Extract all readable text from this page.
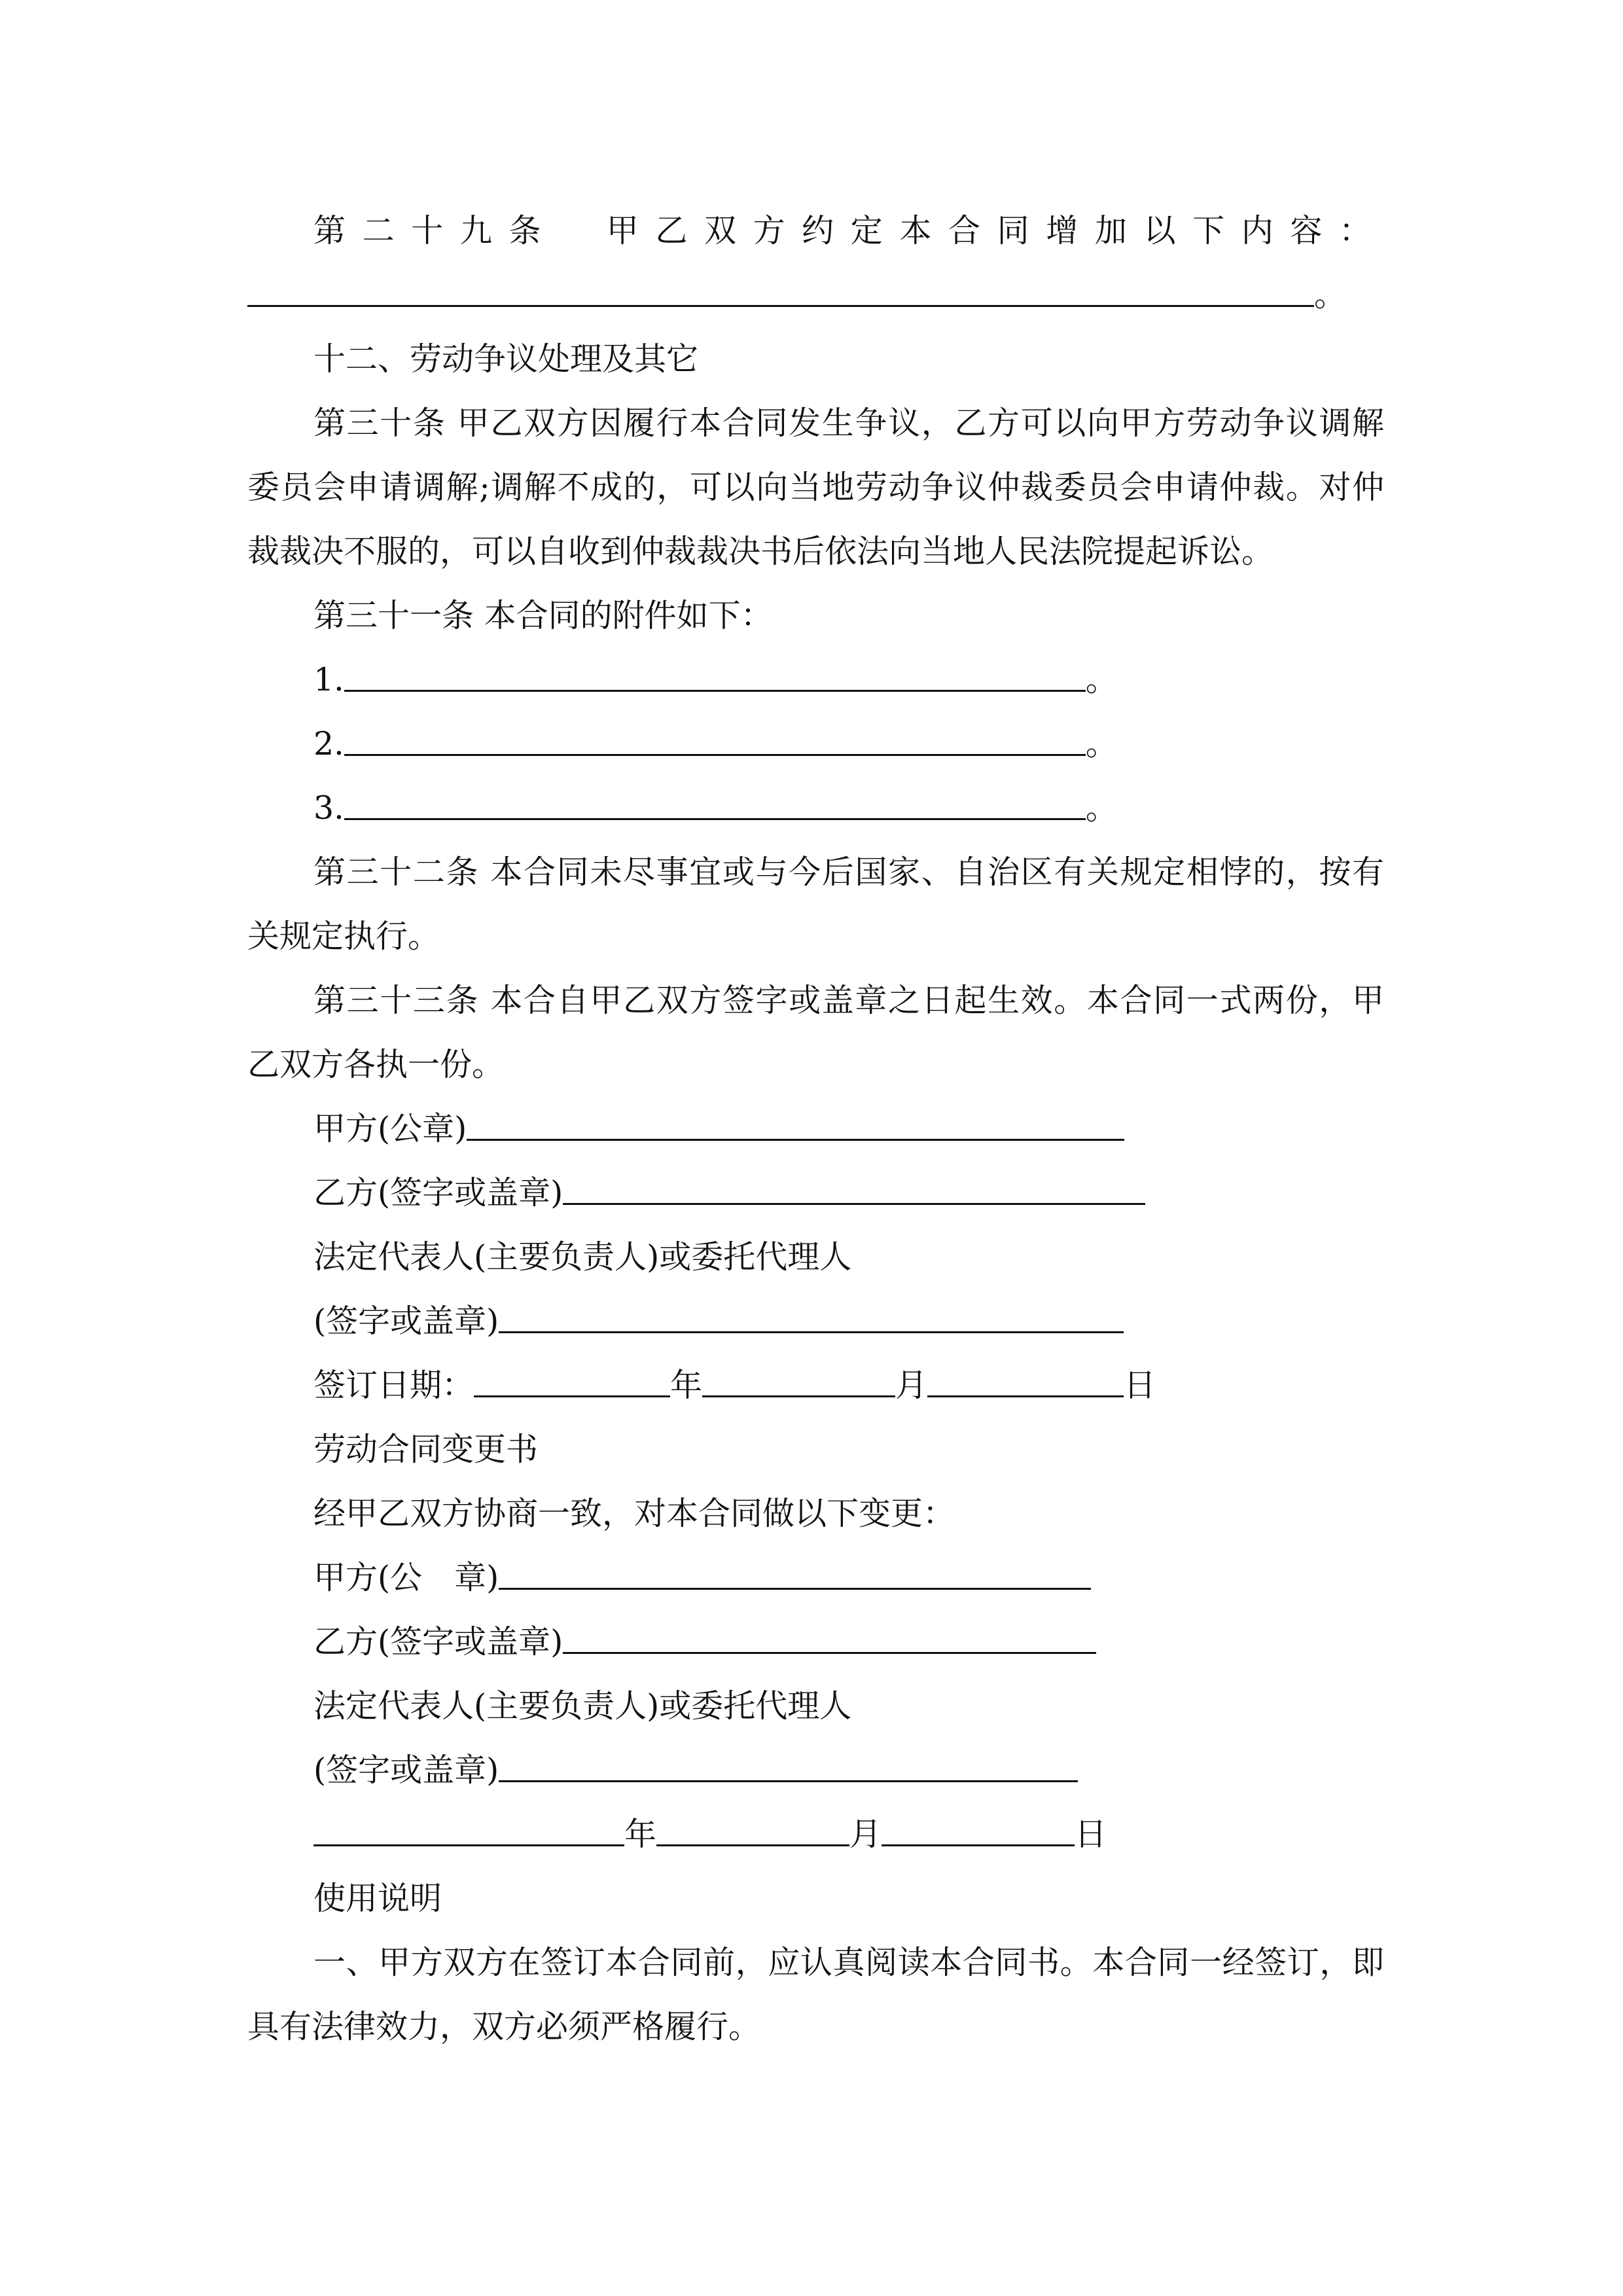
第二十九条　甲乙双方约定本合同增加以下内容：
。
十二、劳动争议处理及其它
第三十条 甲乙双方因履行本合同发生争议，乙方可以向甲方劳动争议调解
委员会申请调解;调解不成的，可以向当地劳动争议仲裁委员会申请仲裁。对仲
裁裁决不服的，可以自收到仲裁裁决书后依法向当地人民法院提起诉讼。
第三十一条 本合同的附件如下：
1.	。
2.	。
3.	。
第三十二条 本合同未尽事宜或与今后国家、自治区有关规定相悖的，按有
关规定执行。
第三十三条 本合自甲乙双方签字或盖章之日起生效。本合同一式两份，甲
乙双方各执一份。
甲方(公章)
乙方(签字或盖章)
法定代表人(主要负责人)或委托代理人
(签字或盖章)
签订日期：	年	月	日
劳动合同变更书
经甲乙双方协商一致，对本合同做以下变更：
甲方(公　章)
乙方(签字或盖章)
法定代表人(主要负责人)或委托代理人
(签字或盖章)
年	月	日
使用说明
一、甲方双方在签订本合同前，应认真阅读本合同书。本合同一经签订，即
具有法律效力，双方必须严格履行。
